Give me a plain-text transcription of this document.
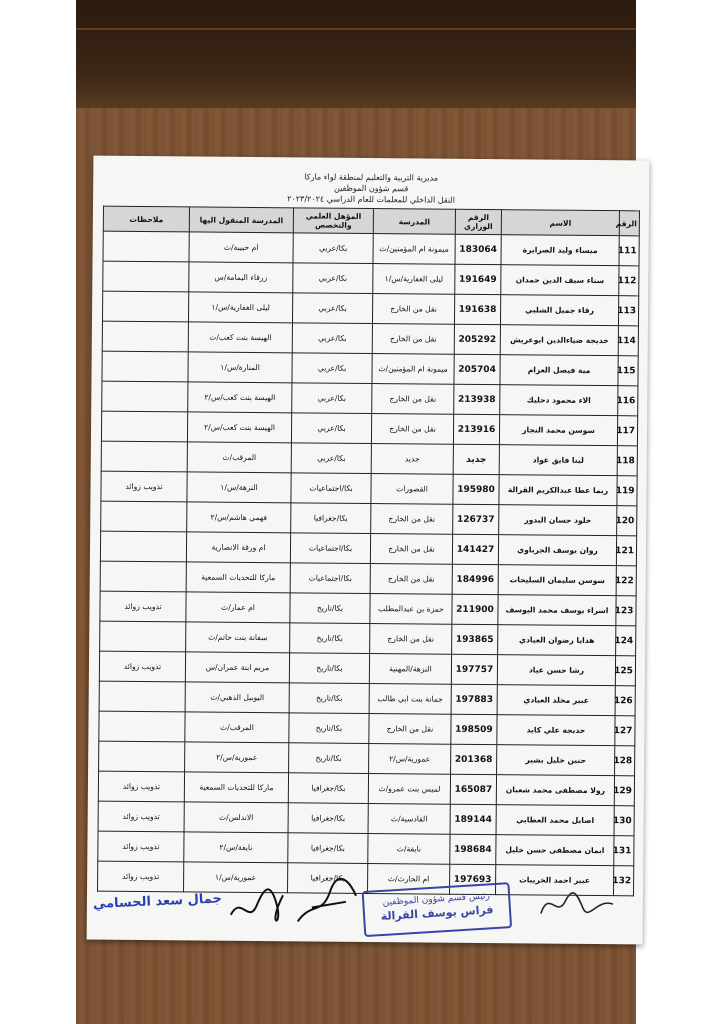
مديرية التربية والتعليم لمنطقة لواء ماركا
قسم شؤون الموظفين
النقل الداخلي للمعلمات للعام الدراسي ٢٠٢٣/٢٠٢٤
الرقم	الاسم	الرقم الوزاري	المدرسة	المؤهل العلمي والتخصص	المدرسة المنقول اليها	ملاحظات
111	ميساء وليد الصرايرة	183064	ميمونة ام المؤمنين/ث	بكا/عربي	ام حبيبة/ث	
112	سناء سيف الدين حمدان	191649	ليلى الغفارية/س/١	بكا/عربي	زرقاء اليمامة/س	
113	رقاء جميل الشلبي	191638	نقل من الخارج	بكا/عربي	ليلى الغفارية/س/١	
114	خديجة ضياءالدين ابوعريش	205292	نقل من الخارج	بكا/عربي	الهيسة بنت كعب/ث	
115	مية فيصل العزام	205704	ميمونة ام المؤمنين/ث	بكا/عربي	المنارة/س/١	
116	الاء محمود دحليك	213938	نقل من الخارج	بكا/عربي	الهيسة بنت كعب/س/٢	
117	سوسن محمد النجار	213916	نقل من الخارج	بكا/عربي	الهيسة بنت كعب/س/٢	
118	لينا فايق عواد	جديد	جديد	بكا/عربي	المرقب/ث	
119	ريما عطا عبدالكريم القرالة	195980	القصورات	بكا/اجتماعيات	النزهة/س/١	تذويب زوائد
120	خلود حسان البدور	126737	نقل من الخارج	بكا/جغرافيا	فهمي هاشم/س/٢	
121	روان يوسف الجرباوي	141427	نقل من الخارج	بكا/اجتماعيات	ام ورقة الانصارية	
122	سوسن سليمان السليحات	184996	نقل من الخارج	بكا/اجتماعيات	ماركا للتحديات السمعية	
123	اسراء يوسف محمد اليوسف	211900	حمزة بن عبدالمطلب	بكا/تاريخ	ام عمار/ث	تذويب زوائد
124	هدايا رضوان العبادي	193865	نقل من الخارج	بكا/تاريخ	سفانة بنت حاتم/ث	
125	رشا حسن عياد	197757	النزهة/المهنية	بكا/تاريخ	مريم ابنة عمران/س	تذويب زوائد
126	عبير مخلد العبادي	197883	جمانة بنت ابي طالب	بكا/تاريخ	اليوبيل الذهبي/ث	
127	خديجة علي كايد	198509	نقل من الخارج	بكا/تاريخ	المرقب/ث	
128	حنين خليل بشير	201368	عمورية/س/٢	بكا/تاريخ	عمورية/س/٢	
129	رولا مصطفى محمد شعبان	165087	لميس بنت عمرو/ث	بكا/جغرافيا	ماركا للتحديات السمعية	تذويب زوائد
130	اصايل محمد العطابي	189144	القادسية/ث	بكا/جغرافيا	الاندلس/ث	تذويب زوائد
131	ايمان مصطفى حسن خليل	198684	نايفة/ث	بكا/جغرافيا	نايفة/س/٢	تذويب زوائد
132	عبير احمد الخريبات	197693	ام الحارث/ث	بكا/جغرافيا	عمورية/س/١	تذويب زوائد
جمال سعد الحسامي	رئيس قسم شؤون الموظفين
فراس يوسف القرالة
